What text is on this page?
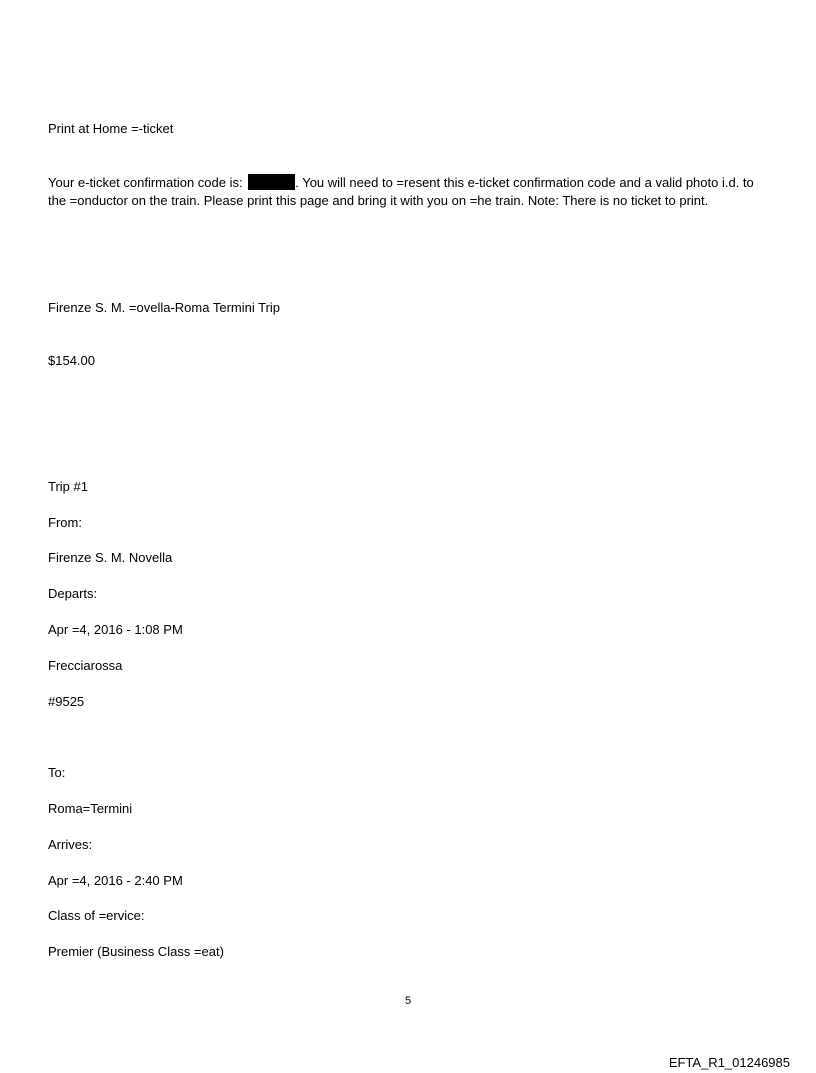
Print at Home =-ticket
Your e-ticket confirmation code is:	. You will need to =resent this e-ticket confirmation code and a valid photo i.d. to the =onductor on the train. Please print this page and bring it with you on =he train. Note: There is no ticket to print.
Firenze S. M. =ovella-Roma Termini Trip
$154.00
Trip #1
From:
Firenze S. M. Novella
Departs:
Apr =4, 2016 - 1:08 PM
Frecciarossa
#9525
To:
Roma=Termini
Arrives:
Apr =4, 2016 - 2:40 PM
Class of =ervice:
Premier (Business Class =eat)
5
EFTA_R1_01246985
